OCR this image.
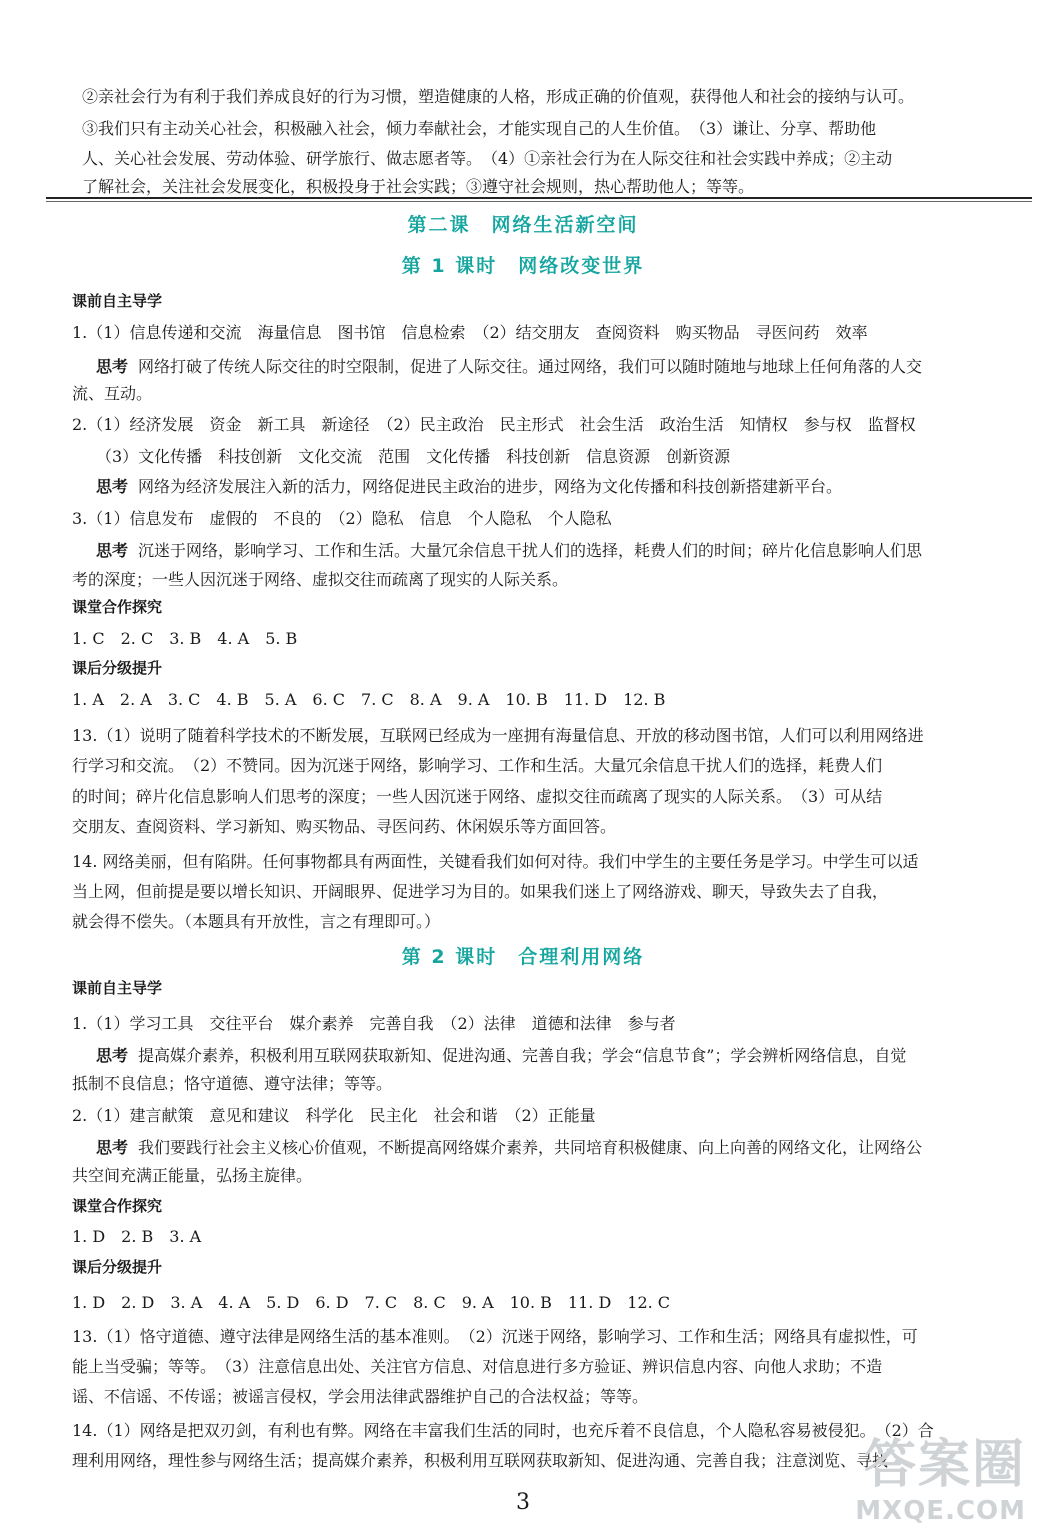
②亲社会行为有利于我们养成良好的行为习惯，塑造健康的人格，形成正确的价值观，获得他人和社会的接纳与认可。
③我们只有主动关心社会，积极融入社会，倾力奉献社会，才能实现自己的人生价值。　（3）谦让、分享、帮助他
人、关心社会发展、劳动体验、研学旅行、做志愿者等。　（4）①亲社会行为在人际交往和社会实践中养成；②主动
了解社会，关注社会发展变化，积极投身于社会实践；③遵守社会规则，热心帮助他人；等等。
第二课　网络生活新空间
第 1 课时　网络改变世界
课前自主导学
1.（1）信息传递和交流　海量信息　图书馆　信息检索　（2）结交朋友　查阅资料　购买物品　寻医问药　效率
思考 网络打破了传统人际交往的时空限制，促进了人际交往。通过网络，我们可以随时随地与地球上任何角落的人交
流、互动。
2.（1）经济发展　资金　新工具　新途径　（2）民主政治　民主形式　社会生活　政治生活　知情权　参与权　监督权
（3）文化传播　科技创新　文化交流　范围　文化传播　科技创新　信息资源　创新资源
思考 网络为经济发展注入新的活力，网络促进民主政治的进步，网络为文化传播和科技创新搭建新平台。
3.（1）信息发布　虚假的　不良的　（2）隐私　信息　个人隐私　个人隐私
思考 沉迷于网络，影响学习、工作和生活。大量冗余信息干扰人们的选择，耗费人们的时间；碎片化信息影响人们思
考的深度；一些人因沉迷于网络、虚拟交往而疏离了现实的人际关系。
课堂合作探究
1. C　2. C　3. B　4. A　5. B
课后分级提升
1. A　2. A　3. C　4. B　5. A　6. C　7. C　8. A　9. A　10. B　11. D　12. B
13.（1）说明了随着科学技术的不断发展，互联网已经成为一座拥有海量信息、开放的移动图书馆，人们可以利用网络进
行学习和交流。　（2）不赞同。因为沉迷于网络，影响学习、工作和生活。大量冗余信息干扰人们的选择，耗费人们
的时间；碎片化信息影响人们思考的深度；一些人因沉迷于网络、虚拟交往而疏离了现实的人际关系。　（3）可从结
交朋友、查阅资料、学习新知、购买物品、寻医问药、休闲娱乐等方面回答。
14. 网络美丽，但有陷阱。任何事物都具有两面性，关键看我们如何对待。我们中学生的主要任务是学习。中学生可以适
当上网，但前提是要以增长知识、开阔眼界、促进学习为目的。如果我们迷上了网络游戏、聊天，导致失去了自我，
就会得不偿失。（本题具有开放性，言之有理即可。）
第 2 课时　合理利用网络
课前自主导学
1.（1）学习工具　交往平台　媒介素养　完善自我　（2）法律　道德和法律　参与者
思考 提高媒介素养，积极利用互联网获取新知、促进沟通、完善自我；学会“信息节食”；学会辨析网络信息，自觉
抵制不良信息；恪守道德、遵守法律；等等。
2.（1）建言献策　意见和建议　科学化　民主化　社会和谐　（2）正能量
思考 我们要践行社会主义核心价值观，不断提高网络媒介素养，共同培育积极健康、向上向善的网络文化，让网络公
共空间充满正能量，弘扬主旋律。
课堂合作探究
1. D　2. B　3. A
课后分级提升
1. D　2. D　3. A　4. A　5. D　6. D　7. C　8. C　9. A　10. B　11. D　12. C
13.（1）恪守道德、遵守法律是网络生活的基本准则。　（2）沉迷于网络，影响学习、工作和生活；网络具有虚拟性，可
能上当受骗；等等。　（3）注意信息出处、关注官方信息、对信息进行多方验证、辨识信息内容、向他人求助；不造
谣、不信谣、不传谣；被谣言侵权，学会用法律武器维护自己的合法权益；等等。
14.（1）网络是把双刃剑，有利也有弊。网络在丰富我们生活的同时，也充斥着不良信息，个人隐私容易被侵犯。　（2）合
理利用网络，理性参与网络生活；提高媒介素养，积极利用互联网获取新知、促进沟通、完善自我；注意浏览、寻找
3
答案圈
MXQE.COM
